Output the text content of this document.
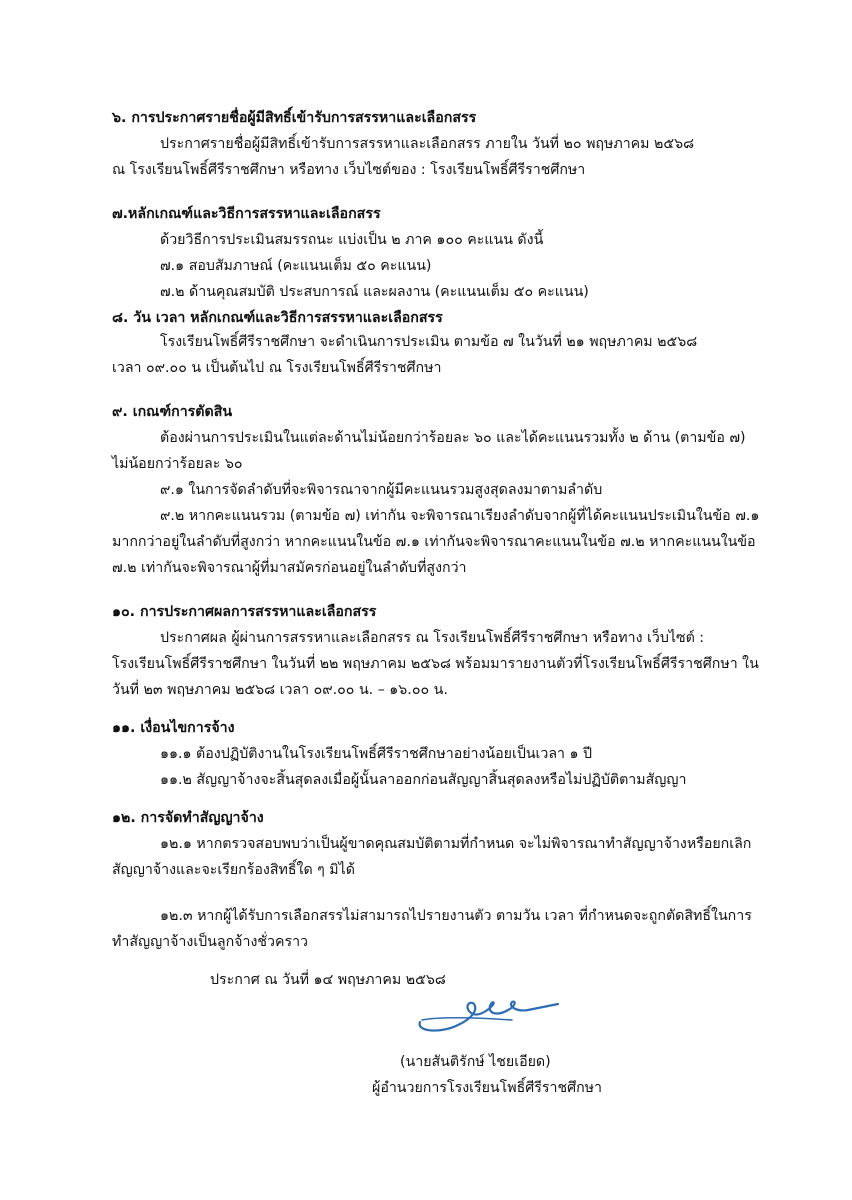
๖. การประกาศรายชื่อผู้มีสิทธิ์เข้ารับการสรรหาและเลือกสรร
ประกาศรายชื่อผู้มีสิทธิ์เข้ารับการสรรหาและเลือกสรร ภายใน วันที่ ๒๐ พฤษภาคม ๒๕๖๘
ณ โรงเรียนโพธิ์ศีรีราชศึกษา หรือทาง เว็บไซต์ของ : โรงเรียนโพธิ์ศีรีราชศึกษา
๗.หลักเกณฑ์และวิธีการสรรหาและเลือกสรร
ด้วยวิธีการประเมินสมรรถนะ แบ่งเป็น ๒ ภาค ๑๐๐ คะแนน ดังนี้
๗.๑ สอบสัมภาษณ์ (คะแนนเต็ม ๕๐ คะแนน)
๗.๒ ด้านคุณสมบัติ ประสบการณ์ และผลงาน (คะแนนเต็ม ๕๐ คะแนน)
๘. วัน เวลา หลักเกณฑ์และวิธีการสรรหาและเลือกสรร
โรงเรียนโพธิ์ศีรีราชศึกษา จะดำเนินการประเมิน ตามข้อ ๗ ในวันที่ ๒๑ พฤษภาคม ๒๕๖๘
เวลา ๐๙.๐๐ น เป็นต้นไป ณ โรงเรียนโพธิ์ศีรีราชศึกษา
๙. เกณฑ์การตัดสิน
ต้องผ่านการประเมินในแต่ละด้านไม่น้อยกว่าร้อยละ ๖๐ และได้คะแนนรวมทั้ง ๒ ด้าน (ตามข้อ ๗)
ไม่น้อยกว่าร้อยละ ๖๐
๙.๑ ในการจัดลำดับที่จะพิจารณาจากผู้มีคะแนนรวมสูงสุดลงมาตามลำดับ
๙.๒ หากคะแนนรวม (ตามข้อ ๗) เท่ากัน จะพิจารณาเรียงลำดับจากผู้ที่ได้คะแนนประเมินในข้อ ๗.๑
มากกว่าอยู่ในลำดับที่สูงกว่า หากคะแนนในข้อ ๗.๑ เท่ากันจะพิจารณาคะแนนในข้อ ๗.๒ หากคะแนนในข้อ
๗.๒ เท่ากันจะพิจารณาผู้ที่มาสมัครก่อนอยู่ในลำดับที่สูงกว่า
๑๐. การประกาศผลการสรรหาและเลือกสรร
ประกาศผล ผู้ผ่านการสรรหาและเลือกสรร ณ โรงเรียนโพธิ์ศีรีราชศึกษา หรือทาง เว็บไซต์ :
โรงเรียนโพธิ์ศีรีราชศึกษา ในวันที่ ๒๒ พฤษภาคม ๒๕๖๘ พร้อมมารายงานตัวที่โรงเรียนโพธิ์ศีรีราชศึกษา ใน
วันที่ ๒๓ พฤษภาคม ๒๕๖๘ เวลา ๐๙.๐๐ น. – ๑๖.๐๐ น.
๑๑. เงื่อนไขการจ้าง
๑๑.๑ ต้องปฏิบัติงานในโรงเรียนโพธิ์ศีรีราชศึกษาอย่างน้อยเป็นเวลา ๑ ปี
๑๑.๒ สัญญาจ้างจะสิ้นสุดลงเมื่อผู้นั้นลาออกก่อนสัญญาสิ้นสุดลงหรือไม่ปฏิบัติตามสัญญา
๑๒. การจัดทำสัญญาจ้าง
๑๒.๑ หากตรวจสอบพบว่าเป็นผู้ขาดคุณสมบัติตามที่กำหนด จะไม่พิจารณาทำสัญญาจ้างหรือยกเลิก
สัญญาจ้างและจะเรียกร้องสิทธิ์ใด ๆ มิได้
๑๒.๓ หากผู้ได้รับการเลือกสรรไม่สามารถไปรายงานตัว ตามวัน เวลา ที่กำหนดจะถูกตัดสิทธิ์ในการ
ทำสัญญาจ้างเป็นลูกจ้างชั่วคราว
ประกาศ ณ วันที่ ๑๔ พฤษภาคม ๒๕๖๘
(นายสันติรักษ์ ไชยเอียด)
ผู้อำนวยการโรงเรียนโพธิ์ศีรีราชศึกษา
